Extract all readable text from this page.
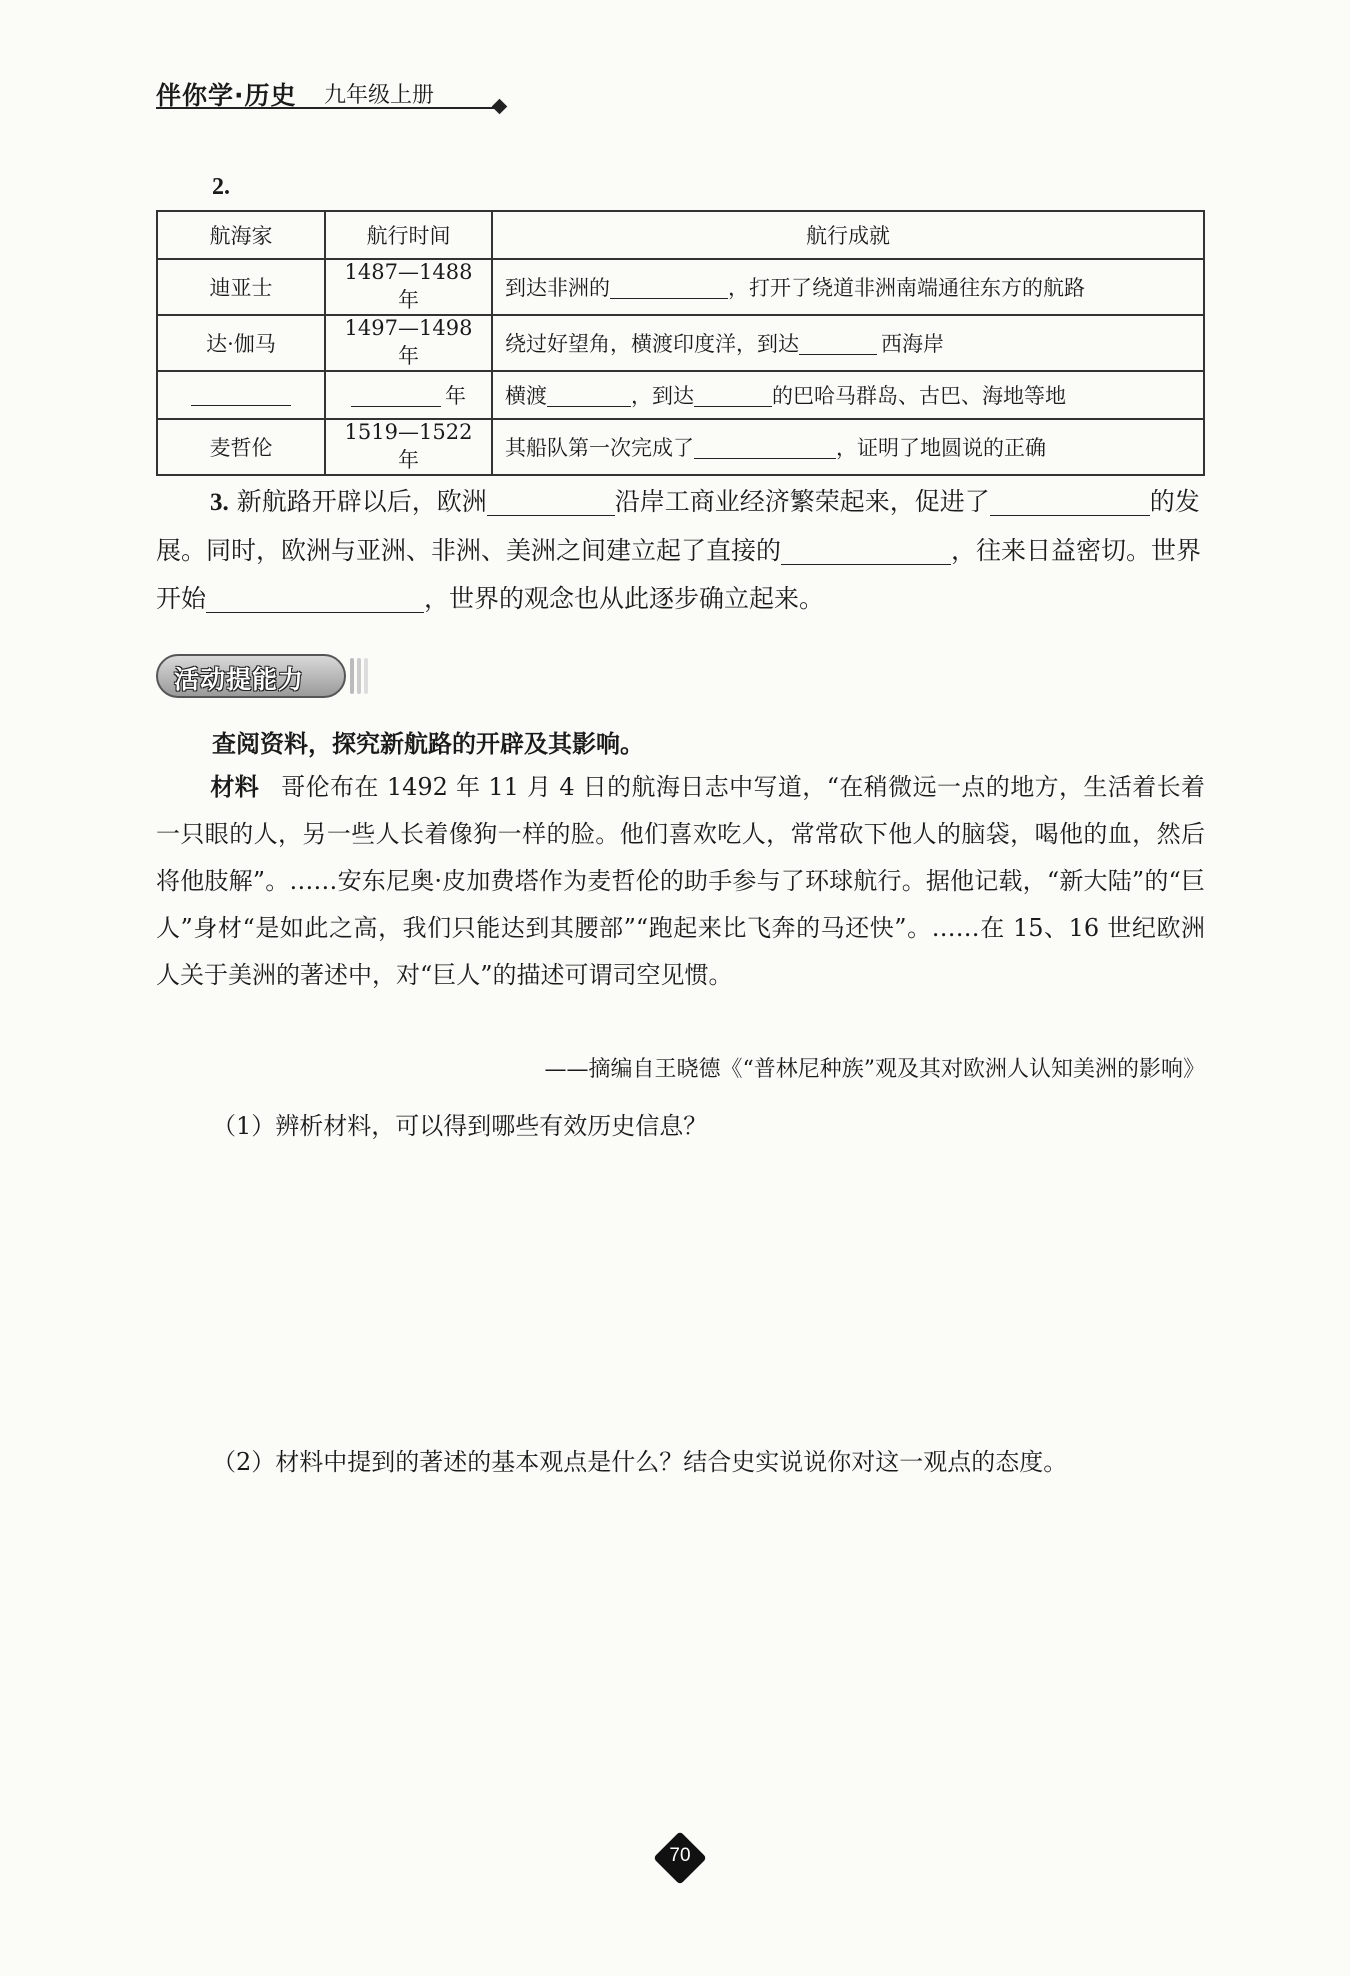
伴你学·历史 九年级上册
2.
航海家	航行时间	航行成就
迪亚士	1487—1488 年	到达非洲的 ，打开了绕道非洲南端通往东方的航路
达·伽马	1497—1498 年	绕过好望角，横渡印度洋，到达 西海岸
	年	横渡 ，到达 的巴哈马群岛、古巴、海地等地
麦哲伦	1519—1522 年	其船队第一次完成了 ，证明了地圆说的正确
3. 新航路开辟以后，欧洲	沿岸工商业经济繁荣起来，促进了	的发展。同时，欧洲与亚洲、非洲、美洲之间建立起了直接的	，往来日益密切。世界开始	，世界的观念也从此逐步确立起来。
活动提能力
查阅资料，探究新航路的开辟及其影响。
材料 哥伦布在 1492 年 11 月 4 日的航海日志中写道，“在稍微远一点的地方，生活着长着一只眼的人，另一些人长着像狗一样的脸。他们喜欢吃人，常常砍下他人的脑袋，喝他的血，然后将他肢解”。……安东尼奥·皮加费塔作为麦哲伦的助手参与了环球航行。据他记载，“新大陆”的“巨人”身材“是如此之高，我们只能达到其腰部”“跑起来比飞奔的马还快”。……在 15、16 世纪欧洲人关于美洲的著述中，对“巨人”的描述可谓司空见惯。
——摘编自王晓德《“普林尼种族”观及其对欧洲人认知美洲的影响》
（1）辨析材料，可以得到哪些有效历史信息？
（2）材料中提到的著述的基本观点是什么？结合史实说说你对这一观点的态度。
70
